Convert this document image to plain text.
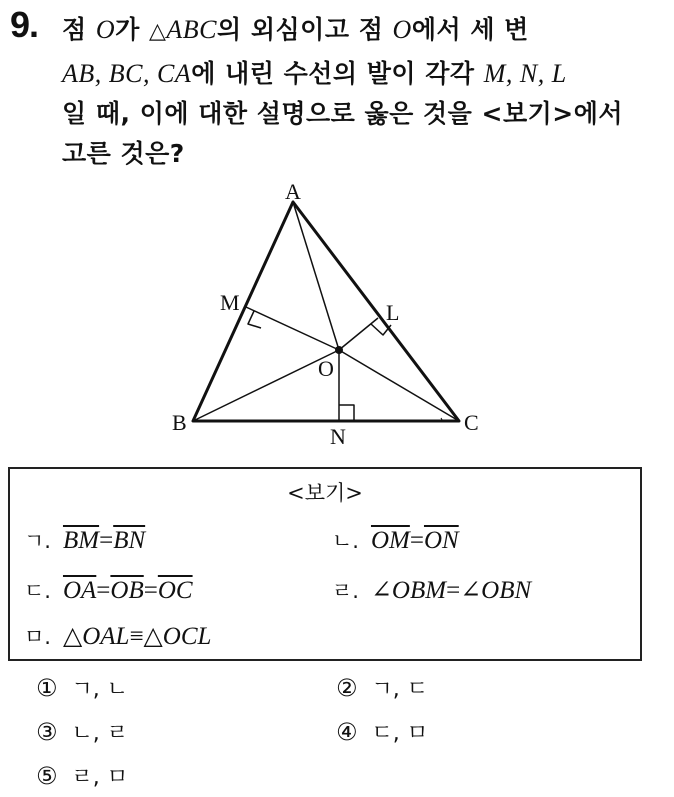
9. 점 O가 △ABC의 외심이고 점 O에서 세 변
AB, BC, CA에 내린 수선의 발이 각각 M, N, L
일 때, 이에 대한 설명으로 옳은 것을 <보기>에서
고른 것은?
A
B	C
M	L
N
O
<보기>
ㄱ. $\overline{BM}=\overline{BN}$	ㄴ. $\overline{OM}=\overline{ON}$
ㄷ. $\overline{OA}=\overline{OB}=\overline{OC}$	ㄹ. ∠OBM=∠OBN
ㅁ. △OAL≡△OCL
① ㄱ, ㄴ	② ㄱ, ㄷ
③ ㄴ, ㄹ	④ ㄷ, ㅁ
⑤ ㄹ, ㅁ
